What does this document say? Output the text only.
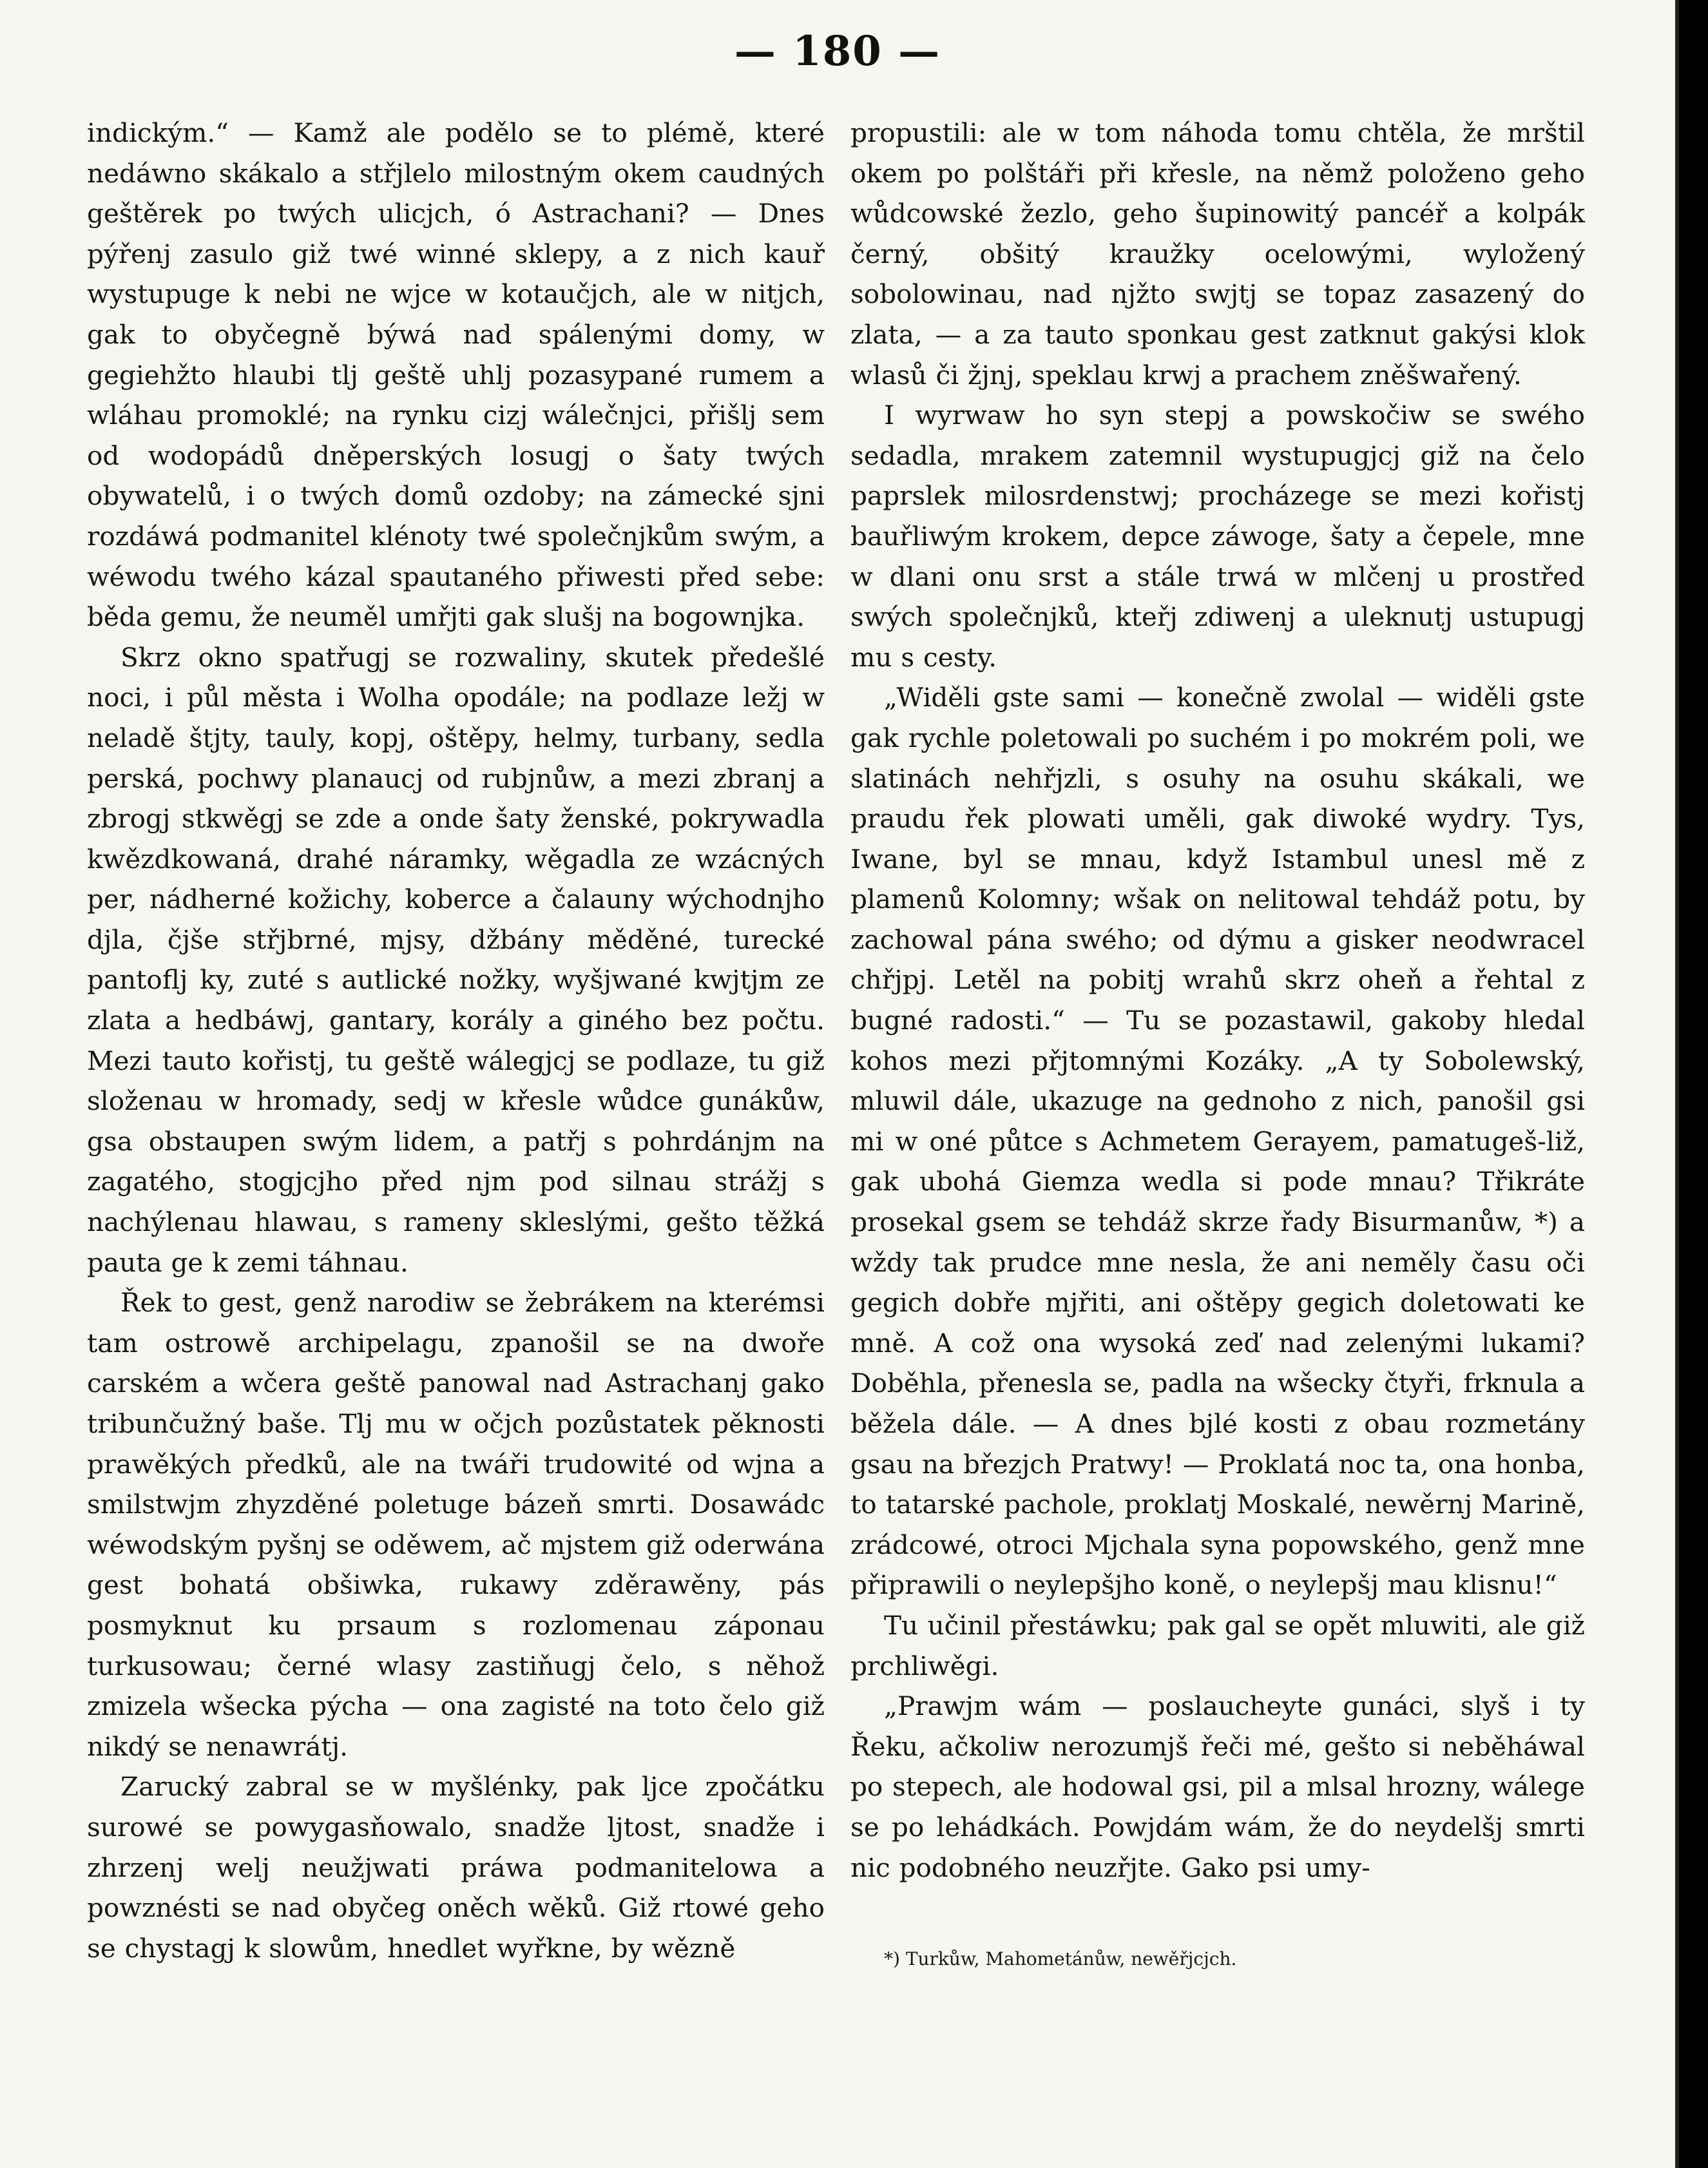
— 180 —

indickým.“ — Kamž ale podělo se to plémě, které nedáwno skákalo a střjlelo milostným okem caudných geštěrek po twých ulicjch, ó Astrachani? — Dnes pýřenj zasulo giž twé winné sklepy, a z nich kauř wystupuge k nebi ne wjce w kotaučjch, ale w nitjch, gak to obyčegně býwá nad spálenými domy, w gegiehžto hlaubi tlj geště uhlj pozasypané rumem a wláhau promoklé; na rynku cizj wálečnjci, přišlj sem od wodopádů dněperských losugj o šaty twých obywatelů, i o twých domů ozdoby; na zámecké sjni rozdáwá podmanitel klénoty twé společnjkům swým, a wéwodu twého kázal spautaného přiwesti před sebe: běda gemu, že neuměl umřjti gak slušj na bogownjka.

Skrz okno spatřugj se rozwaliny, skutek předešlé noci, i půl města i Wolha opodále; na podlaze ležj w neladě štjty, tauly, kopj, oštěpy, helmy, turbany, sedla perská, pochwy planaucj od rubjnůw, a mezi zbranj a zbrogj stkwěgj se zde a onde šaty ženské, pokrywadla kwězdkowaná, drahé náramky, wěgadla ze wzácných per, nádherné kožichy, koberce a čalauny wýchodnjho djla, čjše střjbrné, mjsy, džbány měděné, turecké pantoflj ky, zuté s autlické nožky, wyšjwané kwjtjm ze zlata a hedbáwj, gantary, korály a giného bez počtu. Mezi tauto kořistj, tu geště wálegjcj se podlaze, tu giž složenau w hromady, sedj w křesle wůdce gunákůw, gsa obstaupen swým lidem, a patřj s pohrdánjm na zagatého, stogjcjho před njm pod silnau strážj s nachýlenau hlawau, s rameny skleslými, gešto těžká pauta ge k zemi táhnau.

Řek to gest, genž narodiw se žebrákem na kterémsi tam ostrowě archipelagu, zpanošil se na dwoře carském a wčera geště panowal nad Astrachanj gako tribunčužný baše. Tlj mu w očjch pozůstatek pěknosti prawěkých předků, ale na twáři trudowité od wjna a smilstwjm zhyzděné poletuge bázeň smrti. Dosawádc wéwodským pyšnj se oděwem, ač mjstem giž oderwána gest bohatá obšiwka, rukawy zděrawěny, pás posmyknut ku prsaum s rozlomenau záponau turkusowau; černé wlasy zastiňugj čelo, s něhož zmizela wšecka pýcha — ona zagisté na toto čelo giž nikdý se nenawrátj.

Zarucký zabral se w myšlénky, pak ljce zpočátku surowé se powygasňowalo, snadže ljtost, snadže i zhrzenj welj neužjwati práwa podmanitelowa a powznésti se nad obyčeg oněch wěků. Giž rtowé geho se chystagj k slowům, hnedlet wyřkne, by wězně

propustili: ale w tom náhoda tomu chtěla, že mrštil okem po polštáři při křesle, na němž položeno geho wůdcowské žezlo, geho šupinowitý pancéř a kolpák černý, obšitý kraužky ocelowými, wyložený sobolowinau, nad njžto swjtj se topaz zasazený do zlata, — a za tauto sponkau gest zatknut gakýsi klok wlasů či žjnj, speklau krwj a prachem zněšwařený.

I wyrwaw ho syn stepj a powskočiw se swého sedadla, mrakem zatemnil wystupugjcj giž na čelo paprslek milosrdenstwj; procházege se mezi kořistj bauřliwým krokem, depce záwoge, šaty a čepele, mne w dlani onu srst a stále trwá w mlčenj u prostřed swých společnjků, kteřj zdiwenj a uleknutj ustupugj mu s cesty.

„Widěli gste sami — konečně zwolal — widěli gste gak rychle poletowali po suchém i po mokrém poli, we slatinách nehřjzli, s osuhy na osuhu skákali, we praudu řek plowati uměli, gak diwoké wydry. Tys, Iwane, byl se mnau, když Istambul unesl mě z plamenů Kolomny; wšak on nelitowal tehdáž potu, by zachowal pána swého; od dýmu a gisker neodwracel chřjpj. Letěl na pobitj wrahů skrz oheň a řehtal z bugné radosti.“ — Tu se pozastawil, gakoby hledal kohos mezi přjtomnými Kozáky. „A ty Sobolewský, mluwil dále, ukazuge na gednoho z nich, panošil gsi mi w oné půtce s Achmetem Gerayem, pamatugeš-liž, gak ubohá Giemza wedla si pode mnau? Třikráte prosekal gsem se tehdáž skrze řady Bisurmanůw, *) a wždy tak prudce mne nesla, že ani neměly času oči gegich dobře mjřiti, ani oštěpy gegich doletowati ke mně. A což ona wysoká zeď nad zelenými lukami? Doběhla, přenesla se, padla na wšecky čtyři, frknula a běžela dále. — A dnes bjlé kosti z obau rozmetány gsau na březjch Pratwy! — Proklatá noc ta, ona honba, to tatarské pachole, proklatj Moskalé, newěrnj Marině, zrádcowé, otroci Mjchala syna popowského, genž mne připrawili o neylepšjho koně, o neylepšj mau klisnu!“

Tu učinil přestáwku; pak gal se opět mluwiti, ale giž prchliwěgi.

„Prawjm wám — poslaucheyte gunáci, slyš i ty Řeku, ačkoliw nerozumjš řeči mé, gešto si neběháwal po stepech, ale hodowal gsi, pil a mlsal hrozny, wálege se po lehádkách. Powjdám wám, že do neydelšj smrti nic podobného neuzřjte. Gako psi umy-

*) Turkůw, Mahometánůw, newěřjcjch.
